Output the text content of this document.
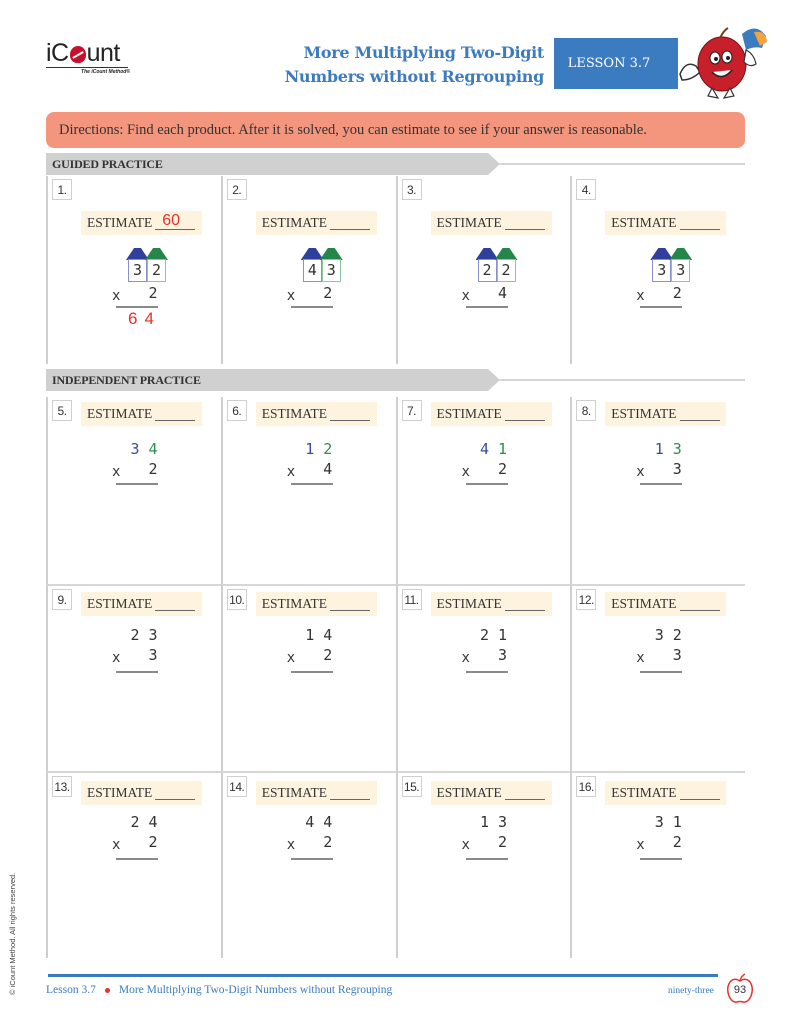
iC unt
The iCount Method®
More Multiplying Two-Digit
Numbers without Regrouping
LESSON 3.7
Directions: Find each product. After it is solved, you can estimate to see if your answer is reasonable.
GUIDED PRACTICE
1.
ESTIMATE 60
3 2
x 2
64
2.
ESTIMATE
4 3
x 2
3.
ESTIMATE
2 2
x 4
4.
ESTIMATE
3 3
x 2
INDEPENDENT PRACTICE
5.	ESTIMATE
3 4
x 2
6.	ESTIMATE
1 2
x 4
7.	ESTIMATE
4 1
x 2
8.	ESTIMATE
1 3
x 3
9.	ESTIMATE
2 3
x 3
10. ESTIMATE
1 4
x 2
11. ESTIMATE
2 1
x 3
12. ESTIMATE
3 2
x 3
13. ESTIMATE
2 4
x 2
14. ESTIMATE
4 4
x 2
15. ESTIMATE
1 3
x 2
16. ESTIMATE
3 1
x 2
© iCount Method. All rights reserved.	Lesson 3.7 More Multiplying Two-Digit Numbers without Regrouping	ninety-three	93
